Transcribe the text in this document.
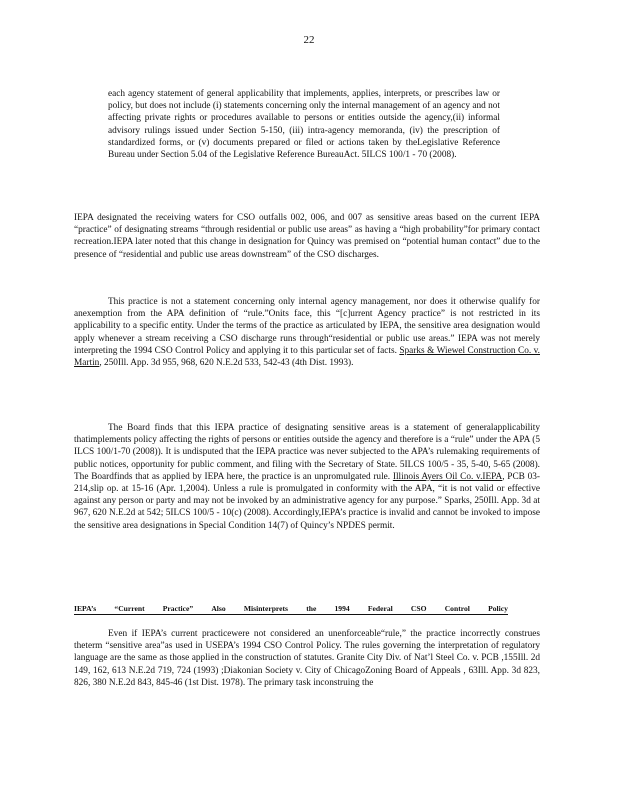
22

each agency statement of general applicability that implements, applies, interprets, or prescribes law or policy, but does not include (i) statements concerning only the internal management of an agency and not affecting private rights or procedures available to persons or entities outside the agency,(ii) informal advisory rulings issued under Section 5-150, (iii) intra-agency memoranda, (iv) the prescription of standardized forms, or (v) documents prepared or filed or actions taken by theLegislative Reference Bureau under Section 5.04 of the Legislative Reference BureauAct. 5ILCS 100/1 - 70 (2008).

IEPA designated the receiving waters for CSO outfalls 002, 006, and 007 as sensitive areas based on the current IEPA “practice” of designating streams “through residential or public use areas” as having a “high probability”for primary contact recreation.IEPA later noted that this change in designation for Quincy was premised on “potential human contact” due to the presence of “residential and public use areas downstream” of the CSO discharges.

This practice is not a statement concerning only internal agency management, nor does it otherwise qualify for anexemption from the APA definition of “rule.”Onits face, this “[c]urrent Agency practice” is not restricted in its applicability to a specific entity. Under the terms of the practice as articulated by IEPA, the sensitive area designation would apply whenever a stream receiving a CSO discharge runs through“residential or public use areas.” IEPA was not merely interpreting the 1994 CSO Control Policy and applying it to this particular set of facts. Sparks & Wiewel Construction Co. v. Martin, 250Ill. App. 3d 955, 968, 620 N.E.2d 533, 542-43 (4th Dist. 1993).

The Board finds that this IEPA practice of designating sensitive areas is a statement of generalapplicability thatimplements policy affecting the rights of persons or entities outside the agency and therefore is a “rule” under the APA (5 ILCS 100/1-70 (2008)). It is undisputed that the IEPA practice was never subjected to the APA’s rulemaking requirements of public notices, opportunity for public comment, and filing with the Secretary of State. 5ILCS 100/5 - 35, 5-40, 5-65 (2008). The Boardfinds that as applied by IEPA here, the practice is an unpromulgated rule. Illinois Ayers Oil Co. v.IEPA, PCB 03-214,slip op. at 15-16 (Apr. 1,2004). Unless a rule is promulgated in conformity with the APA, “it is not valid or effective against any person or party and may not be invoked by an administrative agency for any purpose.” Sparks, 250Ill. App. 3d at 967, 620 N.E.2d at 542; 5ILCS 100/5 - 10(c) (2008). Accordingly,IEPA’s practice is invalid and cannot be invoked to impose the sensitive area designations in Special Condition 14(7) of Quincy’s NPDES permit.

IEPA’s “Current Practice” Also Misinterprets the 1994 Federal CSO Control Policy

Even if IEPA’s current practicewere not considered an unenforceable“rule,” the practice incorrectly construes theterm “sensitive area”as used in USEPA’s 1994 CSO Control Policy. The rules governing the interpretation of regulatory language are the same as those applied in the construction of statutes. Granite City Div. of Nat’l Steel Co. v. PCB ,155Ill. 2d 149, 162, 613 N.E.2d 719, 724 (1993) ;Diakonian Society v. City of ChicagoZoning Board of Appeals , 63Ill. App. 3d 823, 826, 380 N.E.2d 843, 845-46 (1st Dist. 1978). The primary task inconstruing the
